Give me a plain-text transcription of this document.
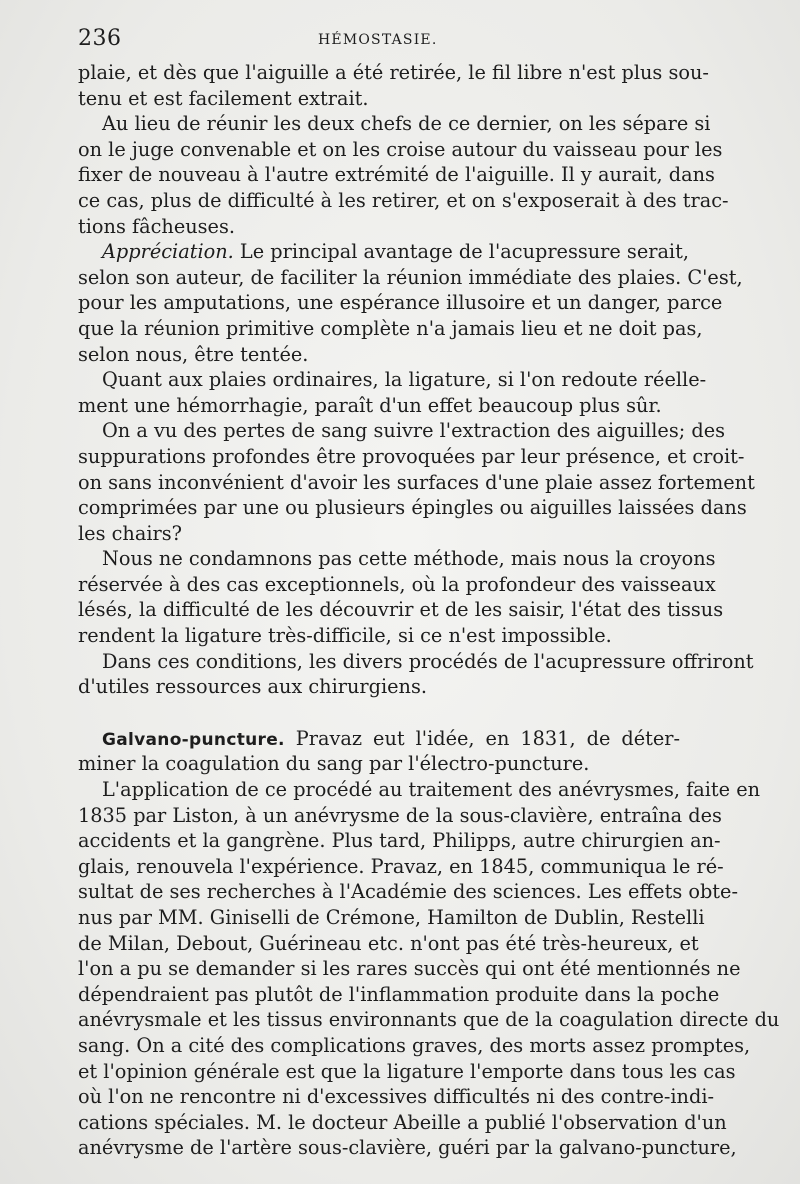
236	HÉMOSTASIE.
plaie, et dès que l'aiguille a été retirée, le fil libre n'est plus sou-
tenu et est facilement extrait.
Au lieu de réunir les deux chefs de ce dernier, on les sépare si
on le juge convenable et on les croise autour du vaisseau pour les
fixer de nouveau à l'autre extrémité de l'aiguille. Il y aurait, dans
ce cas, plus de difficulté à les retirer, et on s'exposerait à des trac-
tions fâcheuses.
Appréciation. Le principal avantage de l'acupressure serait,
selon son auteur, de faciliter la réunion immédiate des plaies. C'est,
pour les amputations, une espérance illusoire et un danger, parce
que la réunion primitive complète n'a jamais lieu et ne doit pas,
selon nous, être tentée.
Quant aux plaies ordinaires, la ligature, si l'on redoute réelle-
ment une hémorrhagie, paraît d'un effet beaucoup plus sûr.
On a vu des pertes de sang suivre l'extraction des aiguilles; des
suppurations profondes être provoquées par leur présence, et croit-
on sans inconvénient d'avoir les surfaces d'une plaie assez fortement
comprimées par une ou plusieurs épingles ou aiguilles laissées dans
les chairs?
Nous ne condamnons pas cette méthode, mais nous la croyons
réservée à des cas exceptionnels, où la profondeur des vaisseaux
lésés, la difficulté de les découvrir et de les saisir, l'état des tissus
rendent la ligature très-difficile, si ce n'est impossible.
Dans ces conditions, les divers procédés de l'acupressure offriront
d'utiles ressources aux chirurgiens.
Galvano-puncture. Pravaz eut l'idée, en 1831, de déter-
miner la coagulation du sang par l'électro-puncture.
L'application de ce procédé au traitement des anévrysmes, faite en
1835 par Liston, à un anévrysme de la sous-clavière, entraîna des
accidents et la gangrène. Plus tard, Philipps, autre chirurgien an-
glais, renouvela l'expérience. Pravaz, en 1845, communiqua le ré-
sultat de ses recherches à l'Académie des sciences. Les effets obte-
nus par MM. Giniselli de Crémone, Hamilton de Dublin, Restelli
de Milan, Debout, Guérineau etc. n'ont pas été très-heureux, et
l'on a pu se demander si les rares succès qui ont été mentionnés ne
dépendraient pas plutôt de l'inflammation produite dans la poche
anévrysmale et les tissus environnants que de la coagulation directe du
sang. On a cité des complications graves, des morts assez promptes,
et l'opinion générale est que la ligature l'emporte dans tous les cas
où l'on ne rencontre ni d'excessives difficultés ni des contre-indi-
cations spéciales. M. le docteur Abeille a publié l'observation d'un
anévrysme de l'artère sous-clavière, guéri par la galvano-puncture,
